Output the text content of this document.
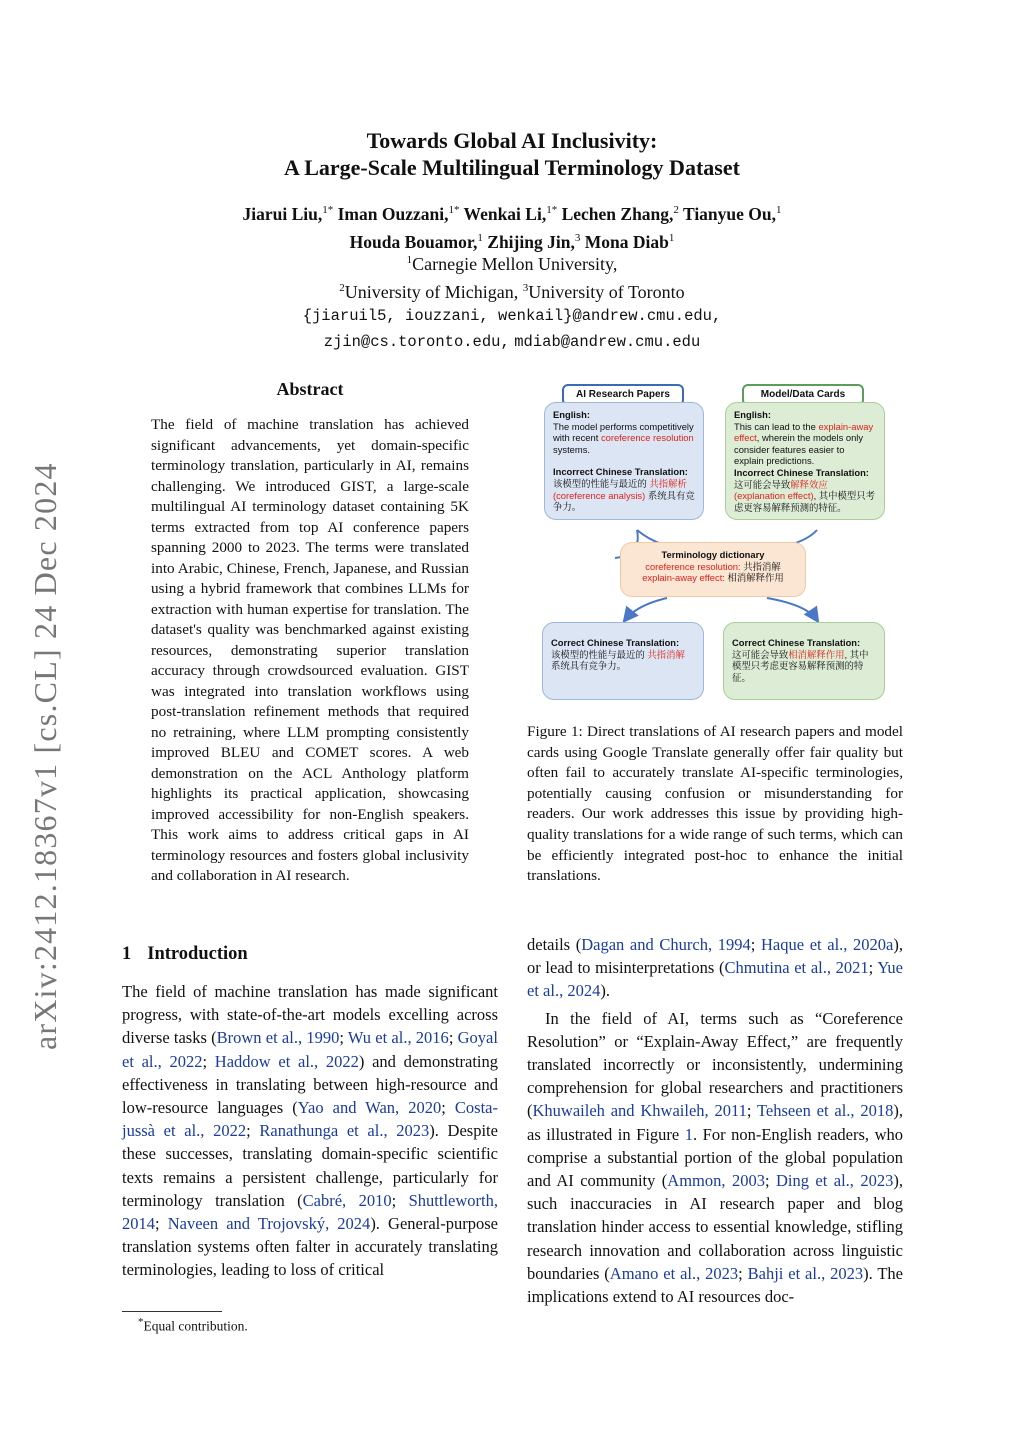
Towards Global AI Inclusivity:
A Large-Scale Multilingual Terminology Dataset
Jiarui Liu,$^{1*}$ Iman Ouzzani,$^{1*}$ Wenkai Li,$^{1*}$ Lechen Zhang,$^2$ Tianyue Ou,$^1$
Houda Bouamor,$^1$ Zhijing Jin,$^3$ Mona Diab$^1$
$^1$Carnegie Mellon University,
$^2$University of Michigan, $^3$University of Toronto
{jiaruil5, iouzzani, wenkail}@andrew.cmu.edu,
zjin@cs.toronto.edu, mdiab@andrew.cmu.edu
arXiv:2412.18367v1 [cs.CL] 24 Dec 2024
Abstract
The field of machine translation has achieved significant advancements, yet domain-specific terminology translation, particularly in AI, remains challenging. We introduced GIST, a large-scale multilingual AI terminology dataset containing 5K terms extracted from top AI conference papers spanning 2000 to 2023. The terms were translated into Arabic, Chinese, French, Japanese, and Russian using a hybrid framework that combines LLMs for extraction with human expertise for translation. The dataset's quality was benchmarked against existing resources, demonstrating superior translation accuracy through crowdsourced evaluation. GIST was integrated into translation workflows using post-translation refinement methods that required no retraining, where LLM prompting consistently improved BLEU and COMET scores. A web demonstration on the ACL Anthology platform highlights its practical application, showcasing improved accessibility for non-English speakers. This work aims to address critical gaps in AI terminology resources and fosters global inclusivity and collaboration in AI research.
1 Introduction

The field of machine translation has made significant progress, with state-of-the-art models excelling across diverse tasks (Brown et al., 1990; Wu et al., 2016; Goyal et al., 2022; Haddow et al., 2022) and demonstrating effectiveness in translating between high-resource and low-resource languages (Yao and Wan, 2020; Costa-jussà et al., 2022; Ranathunga et al., 2023). Despite these successes, translating domain-specific scientific texts remains a persistent challenge, particularly for terminology translation (Cabré, 2010; Shuttleworth, 2014; Naveen and Trojovský, 2024). General-purpose translation systems often falter in accurately translating terminologies, leading to loss of critical

*Equal contribution.

details (Dagan and Church, 1994; Haque et al., 2020a), or lead to misinterpretations (Chmutina et al., 2021; Yue et al., 2024).

In the field of AI, terms such as “Coreference Resolution” or “Explain-Away Effect,” are frequently translated incorrectly or inconsistently, undermining comprehension for global researchers and practitioners (Khuwaileh and Khwaileh, 2011; Tehseen et al., 2018), as illustrated in Figure 1. For non-English readers, who comprise a substantial portion of the global population and AI community (Ammon, 2003; Ding et al., 2023), such inaccuracies in AI research paper and blog translation hinder access to essential knowledge, stifling research innovation and collaboration across linguistic boundaries (Amano et al., 2023; Bahji et al., 2023). The implications extend to AI resources doc-

AI Research Papers	Model/Data Cards
English:
The model performs competitively with recent coreference resolution systems.
Incorrect Chinese Translation:
该模型的性能与最近的 共指解析 (coreference analysis) 系统具有竞争力。
English:
This can lead to the explain-away effect, wherein the models only consider features easier to explain predictions.
Incorrect Chinese Translation:
这可能会导致解释效应 (explanation effect), 其中模型只考虑更容易解释预测的特征。
Terminology dictionary
coreference resolution: 共指消解
explain-away effect: 相消解释作用
Correct Chinese Translation:
该模型的性能与最近的 共指消解 系统具有竞争力。
Correct Chinese Translation:
这可能会导致相消解释作用, 其中模型只考虑更容易解释预测的特征。
Figure 1: Direct translations of AI research papers and model cards using Google Translate generally offer fair quality but often fail to accurately translate AI-specific terminologies, potentially causing confusion or misunderstanding for readers. Our work addresses this issue by providing high-quality translations for a wide range of such terms, which can be efficiently integrated post-hoc to enhance the initial translations.
